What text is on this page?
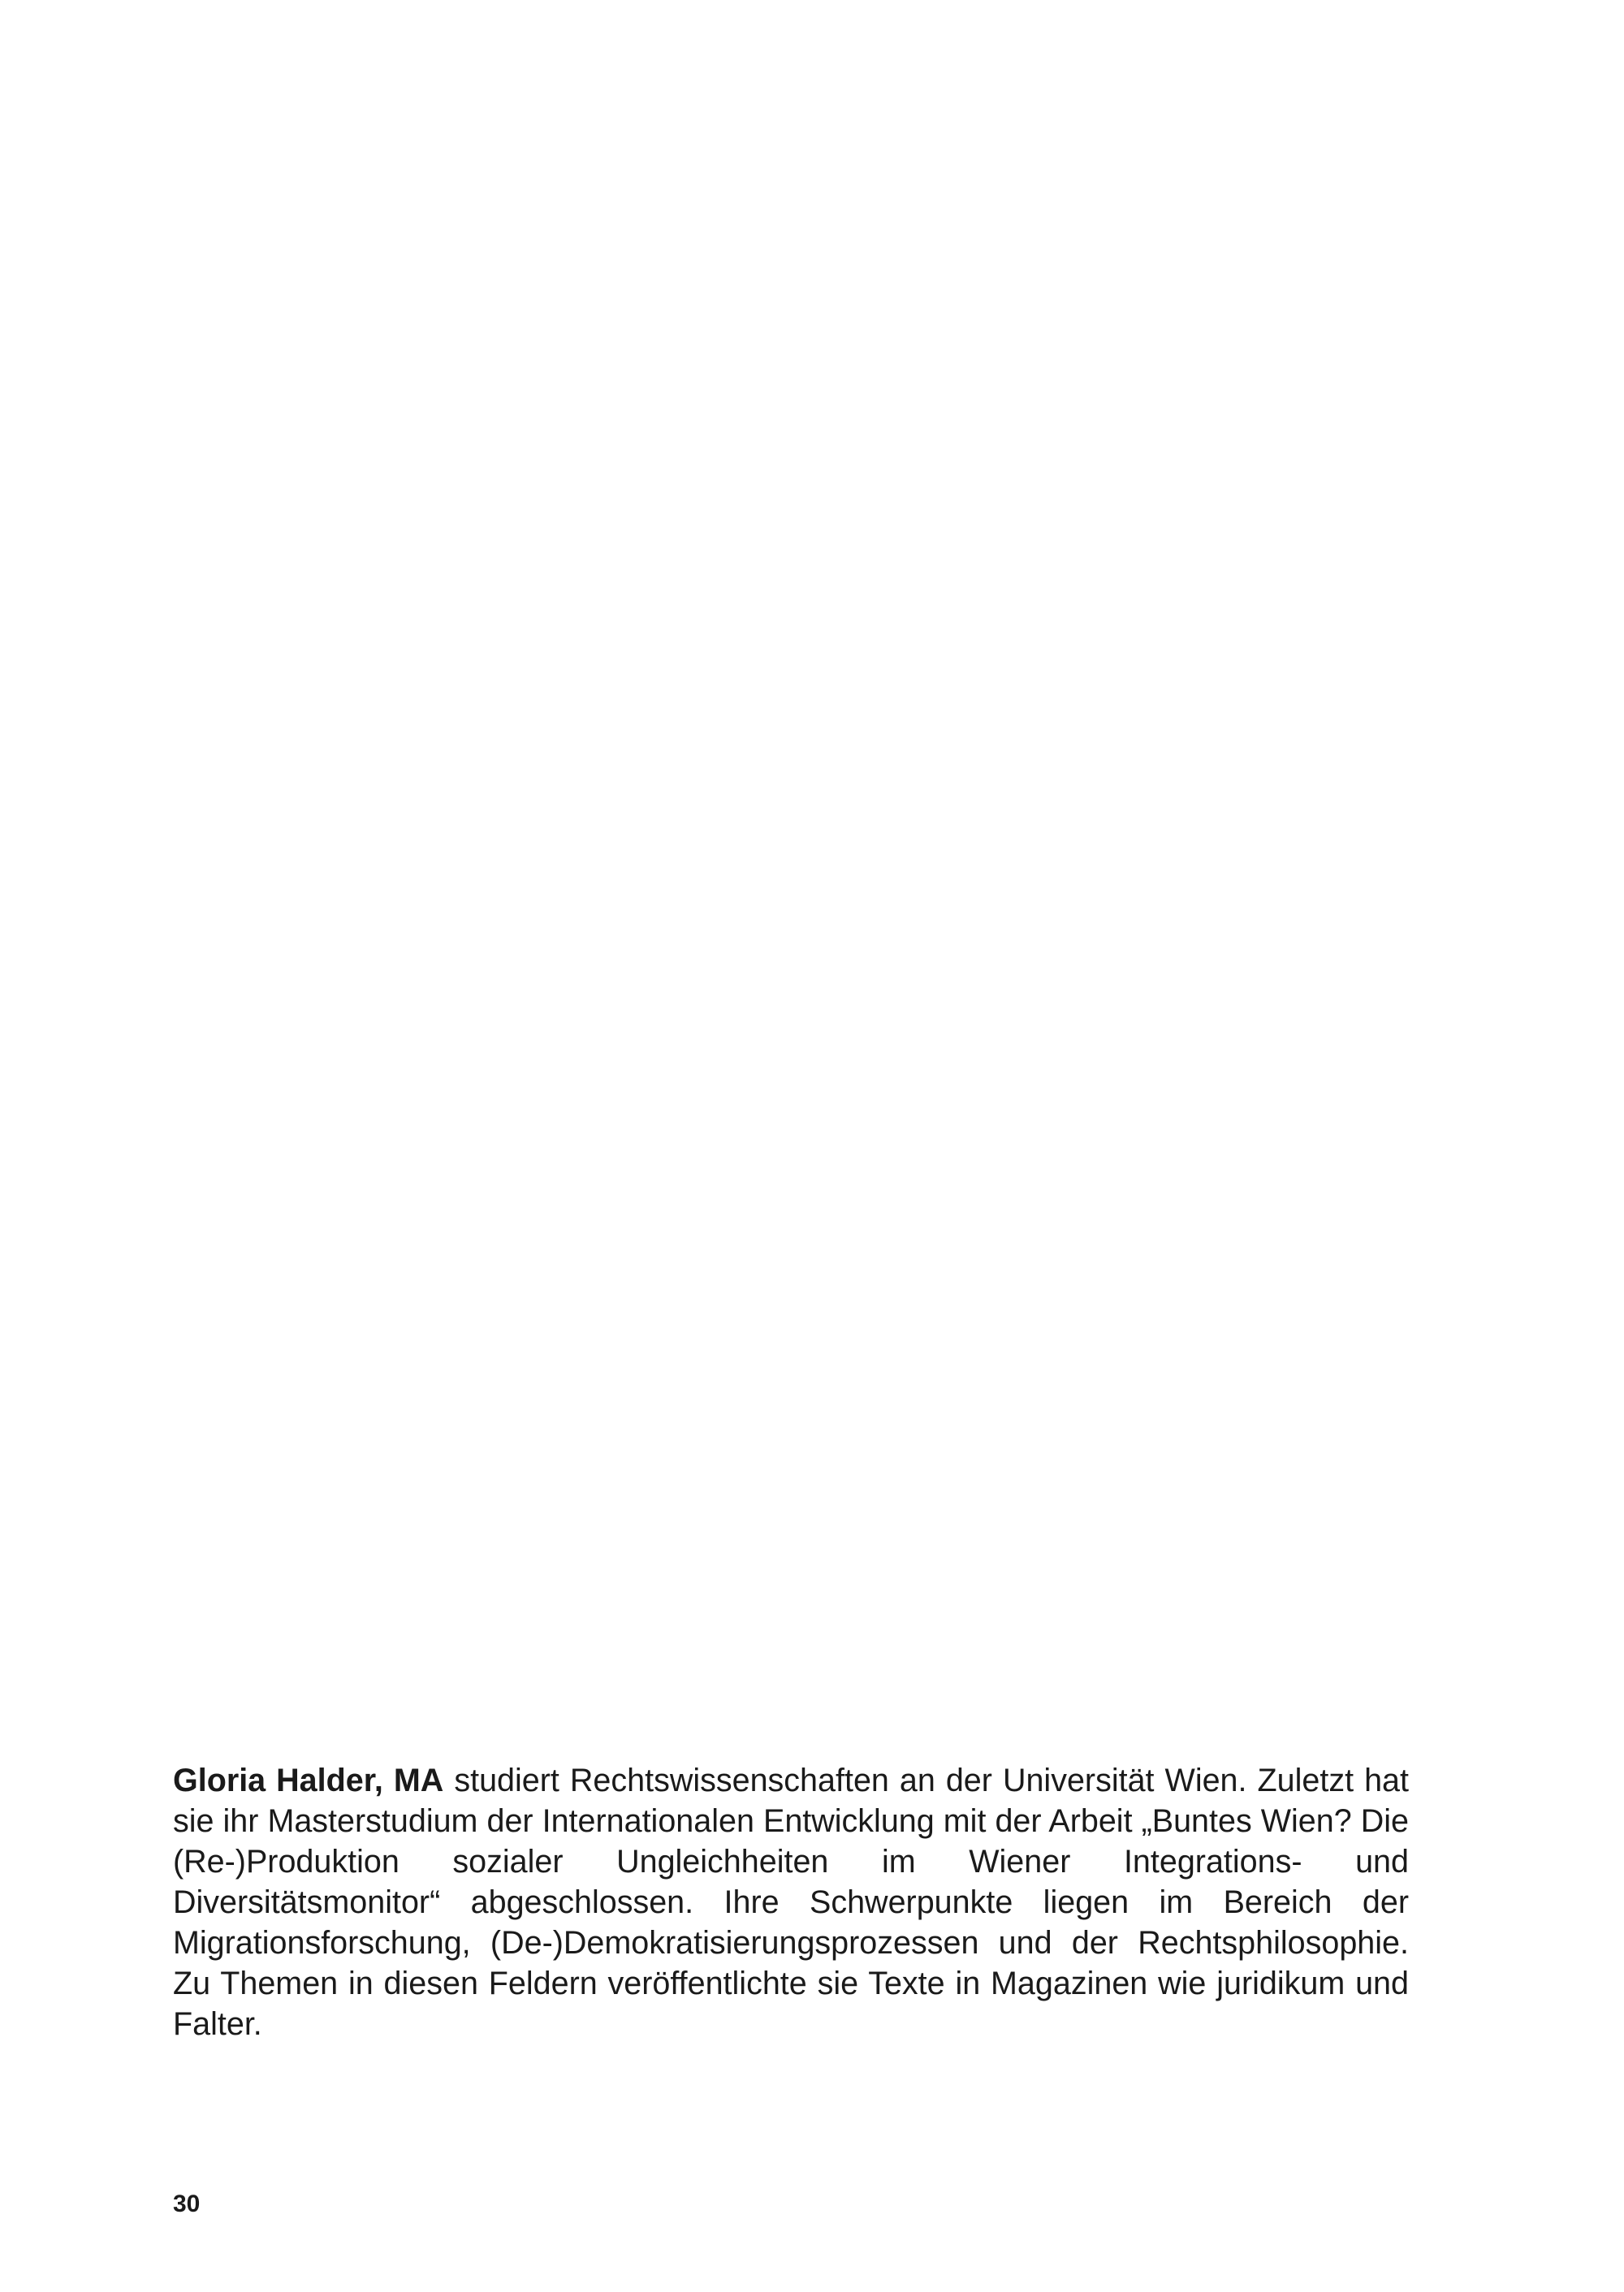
Gloria Halder, MA studiert Rechtswissenschaften an der Universität Wien. Zuletzt hat sie ihr Masterstudium der Internationalen Entwicklung mit der Arbeit „Buntes Wien? Die (Re-)Produktion sozialer Ungleichheiten im Wiener Integrations- und Diversitätsmonitor“ abgeschlossen. Ihre Schwerpunkte liegen im Bereich der Migrationsforschung, (De-)Demokratisierungsprozessen und der Rechtsphilosophie. Zu Themen in diesen Feldern veröffentlichte sie Texte in Magazinen wie juridikum und Falter.

30
